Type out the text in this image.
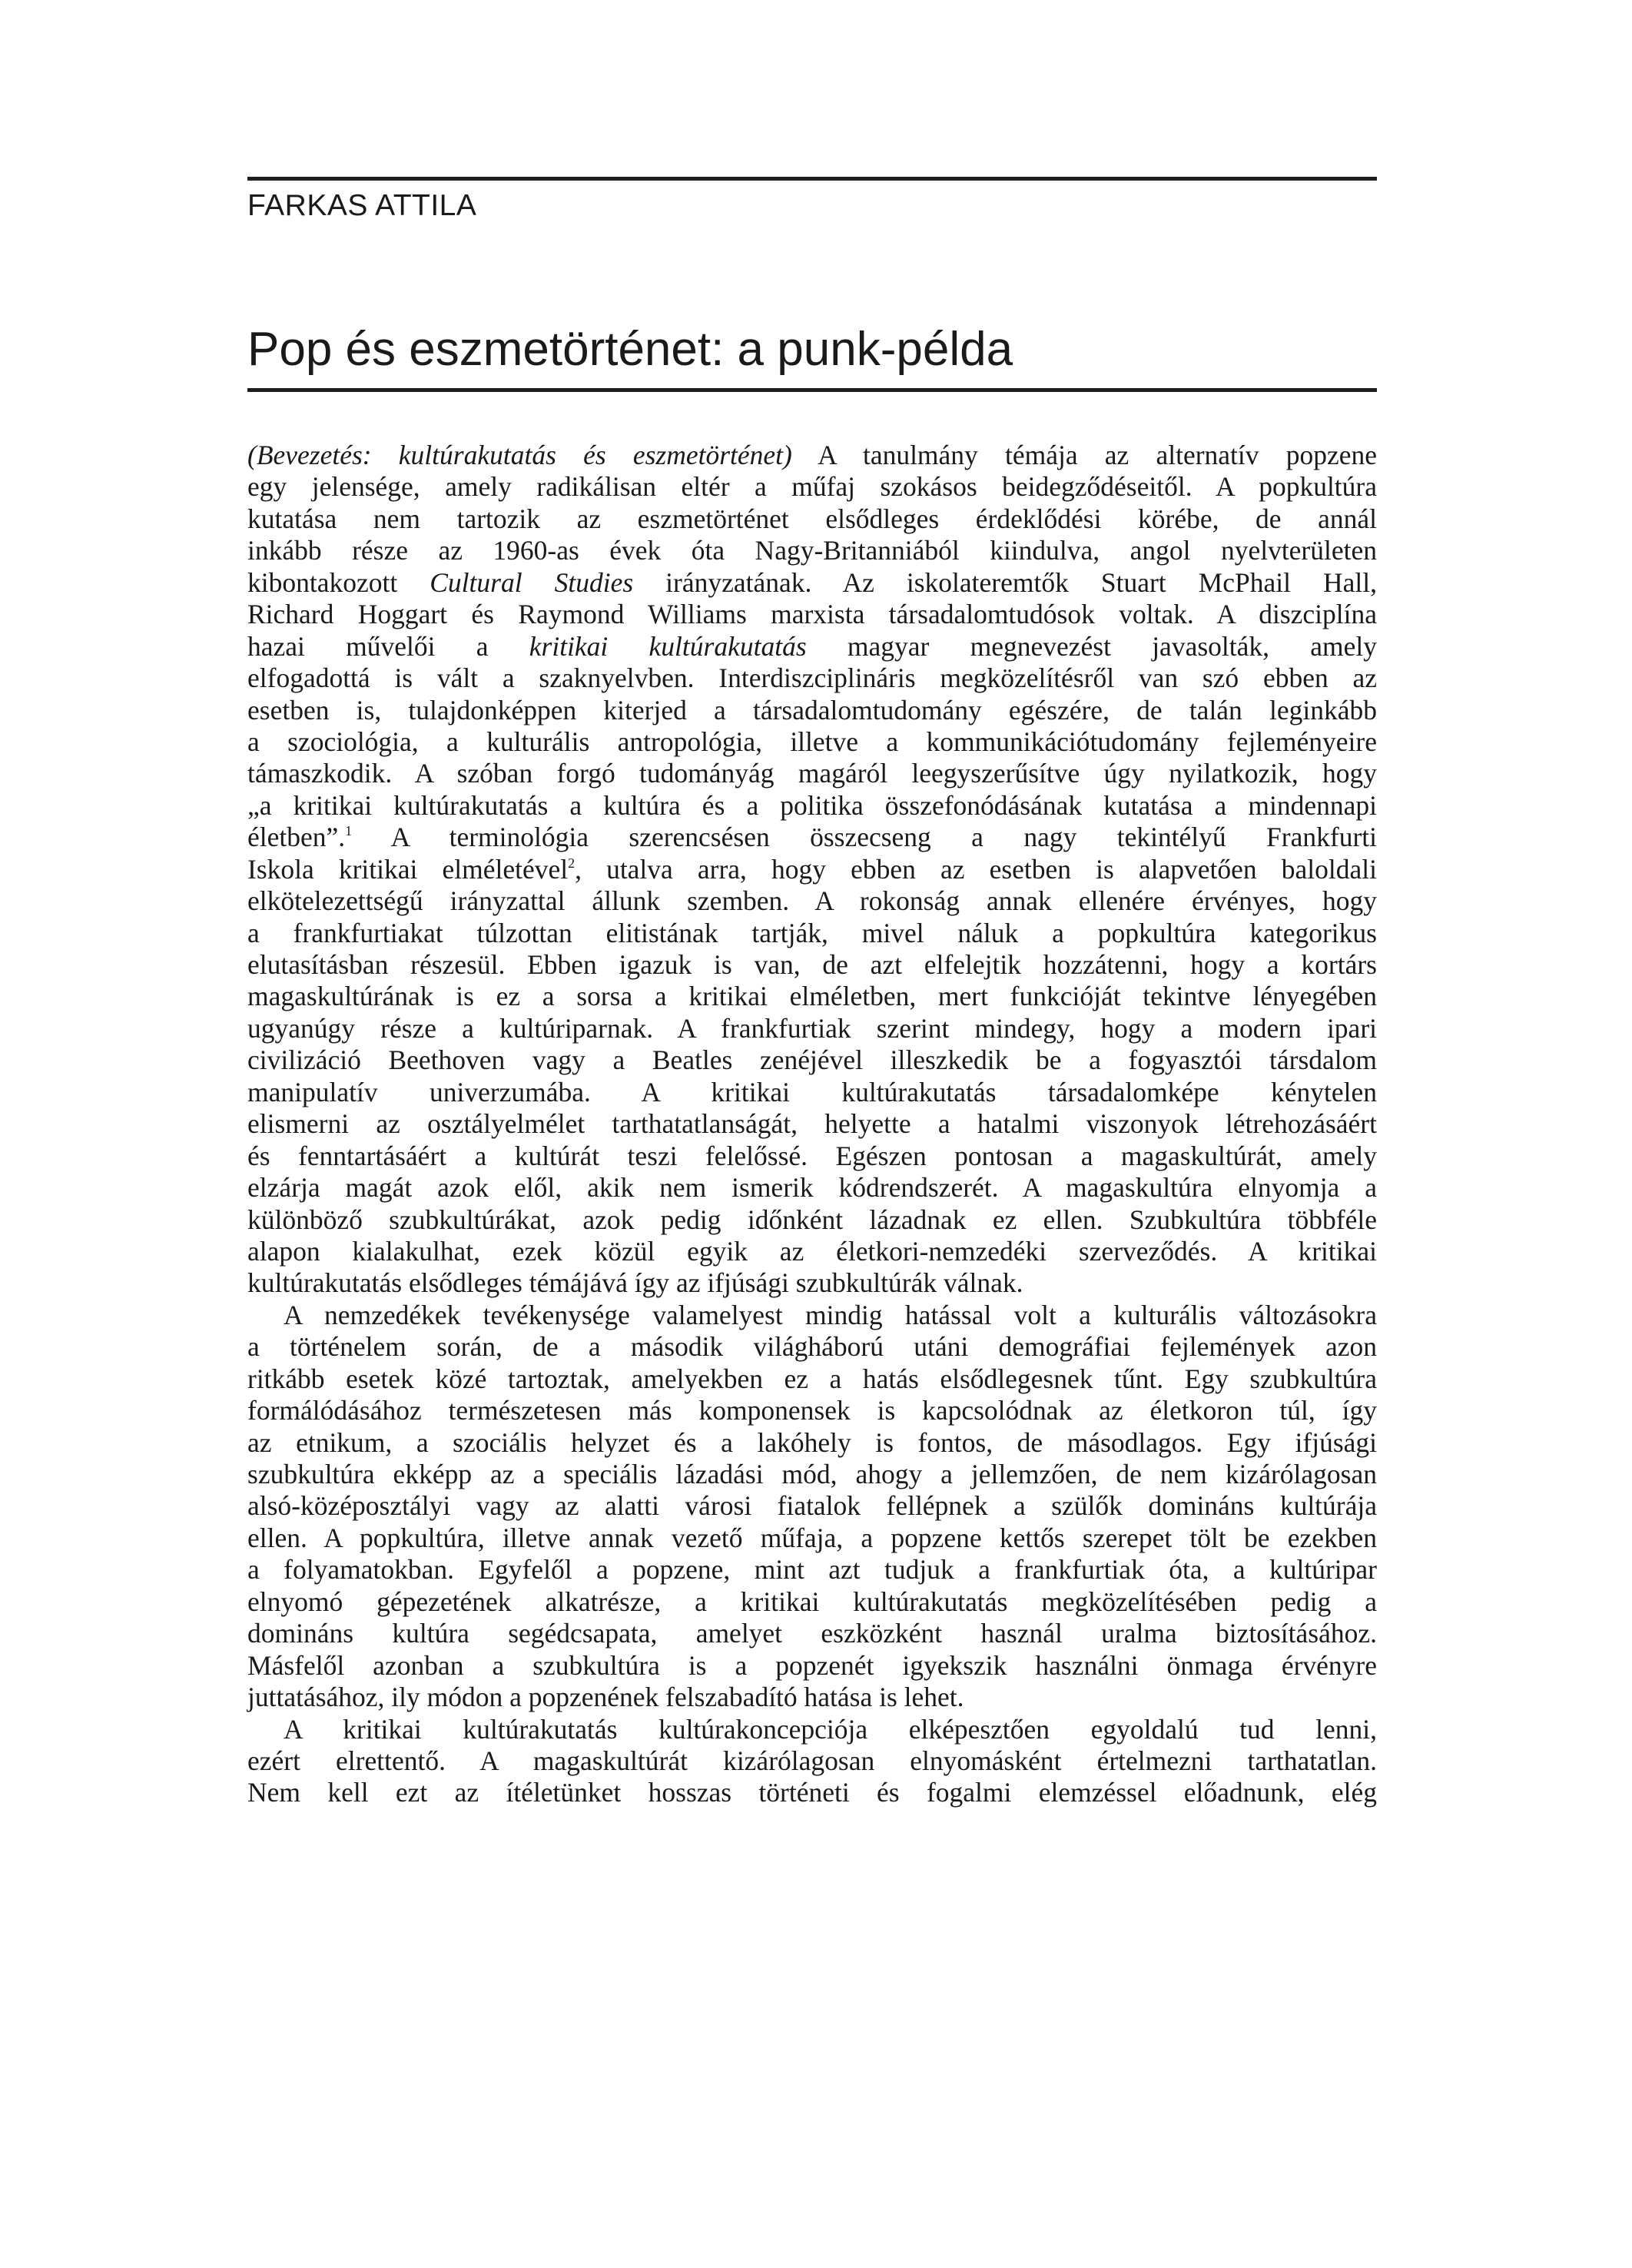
FARKAS ATTILA
Pop és eszmetörténet: a punk-példa
(Bevezetés: kultúrakutatás és eszmetörténet) A tanulmány témája az alternatív popzene
egy jelensége, amely radikálisan eltér a műfaj szokásos beidegződéseitől. A popkultúra
kutatása nem tartozik az eszmetörténet elsődleges érdeklődési körébe, de annál
inkább része az 1960-as évek óta Nagy-Britanniából kiindulva, angol nyelvterületen
kibontakozott Cultural Studies irányzatának. Az iskolateremtők Stuart McPhail Hall,
Richard Hoggart és Raymond Williams marxista társadalomtudósok voltak. A diszciplína
hazai művelői a kritikai kultúrakutatás magyar megnevezést javasolták, amely
elfogadottá is vált a szaknyelvben. Interdiszciplináris megközelítésről van szó ebben az
esetben is, tulajdonképpen kiterjed a társadalomtudomány egészére, de talán leginkább
a szociológia, a kulturális antropológia, illetve a kommunikációtudomány fejleményeire
támaszkodik. A szóban forgó tudományág magáról leegyszerűsítve úgy nyilatkozik, hogy
„a kritikai kultúrakutatás a kultúra és a politika összefonódásának kutatása a mindennapi
életben”.$^1$ A terminológia szerencsésen összecseng a nagy tekintélyű Frankfurti
Iskola kritikai elméletével$^2$, utalva arra, hogy ebben az esetben is alapvetően baloldali
elkötelezettségű irányzattal állunk szemben. A rokonság annak ellenére érvényes, hogy
a frankfurtiakat túlzottan elitistának tartják, mivel náluk a popkultúra kategorikus
elutasításban részesül. Ebben igazuk is van, de azt elfelejtik hozzátenni, hogy a kortárs
magaskultúrának is ez a sorsa a kritikai elméletben, mert funkcióját tekintve lényegében
ugyanúgy része a kultúriparnak. A frankfurtiak szerint mindegy, hogy a modern ipari
civilizáció Beethoven vagy a Beatles zenéjével illeszkedik be a fogyasztói társdalom
manipulatív univerzumába. A kritikai kultúrakutatás társadalomképe kénytelen
elismerni az osztályelmélet tarthatatlanságát, helyette a hatalmi viszonyok létrehozásáért
és fenntartásáért a kultúrát teszi felelőssé. Egészen pontosan a magaskultúrát, amely
elzárja magát azok elől, akik nem ismerik kódrendszerét. A magaskultúra elnyomja a
különböző szubkultúrákat, azok pedig időnként lázadnak ez ellen. Szubkultúra többféle
alapon kialakulhat, ezek közül egyik az életkori-nemzedéki szerveződés. A kritikai
kultúrakutatás elsődleges témájává így az ifjúsági szubkultúrák válnak.
A nemzedékek tevékenysége valamelyest mindig hatással volt a kulturális változásokra
a történelem során, de a második világháború utáni demográfiai fejlemények azon
ritkább esetek közé tartoztak, amelyekben ez a hatás elsődlegesnek tűnt. Egy szubkultúra
formálódásához természetesen más komponensek is kapcsolódnak az életkoron túl, így
az etnikum, a szociális helyzet és a lakóhely is fontos, de másodlagos. Egy ifjúsági
szubkultúra ekképp az a speciális lázadási mód, ahogy a jellemzően, de nem kizárólagosan
alsó-középosztályi vagy az alatti városi fiatalok fellépnek a szülők domináns kultúrája
ellen. A popkultúra, illetve annak vezető műfaja, a popzene kettős szerepet tölt be ezekben
a folyamatokban. Egyfelől a popzene, mint azt tudjuk a frankfurtiak óta, a kultúripar
elnyomó gépezetének alkatrésze, a kritikai kultúrakutatás megközelítésében pedig a
domináns kultúra segédcsapata, amelyet eszközként használ uralma biztosításához.
Másfelől azonban a szubkultúra is a popzenét igyekszik használni önmaga érvényre
juttatásához, ily módon a popzenének felszabadító hatása is lehet.
A kritikai kultúrakutatás kultúrakoncepciója elképesztően egyoldalú tud lenni,
ezért elrettentő. A magaskultúrát kizárólagosan elnyomásként értelmezni tarthatatlan.
Nem kell ezt az ítéletünket hosszas történeti és fogalmi elemzéssel előadnunk, elég
